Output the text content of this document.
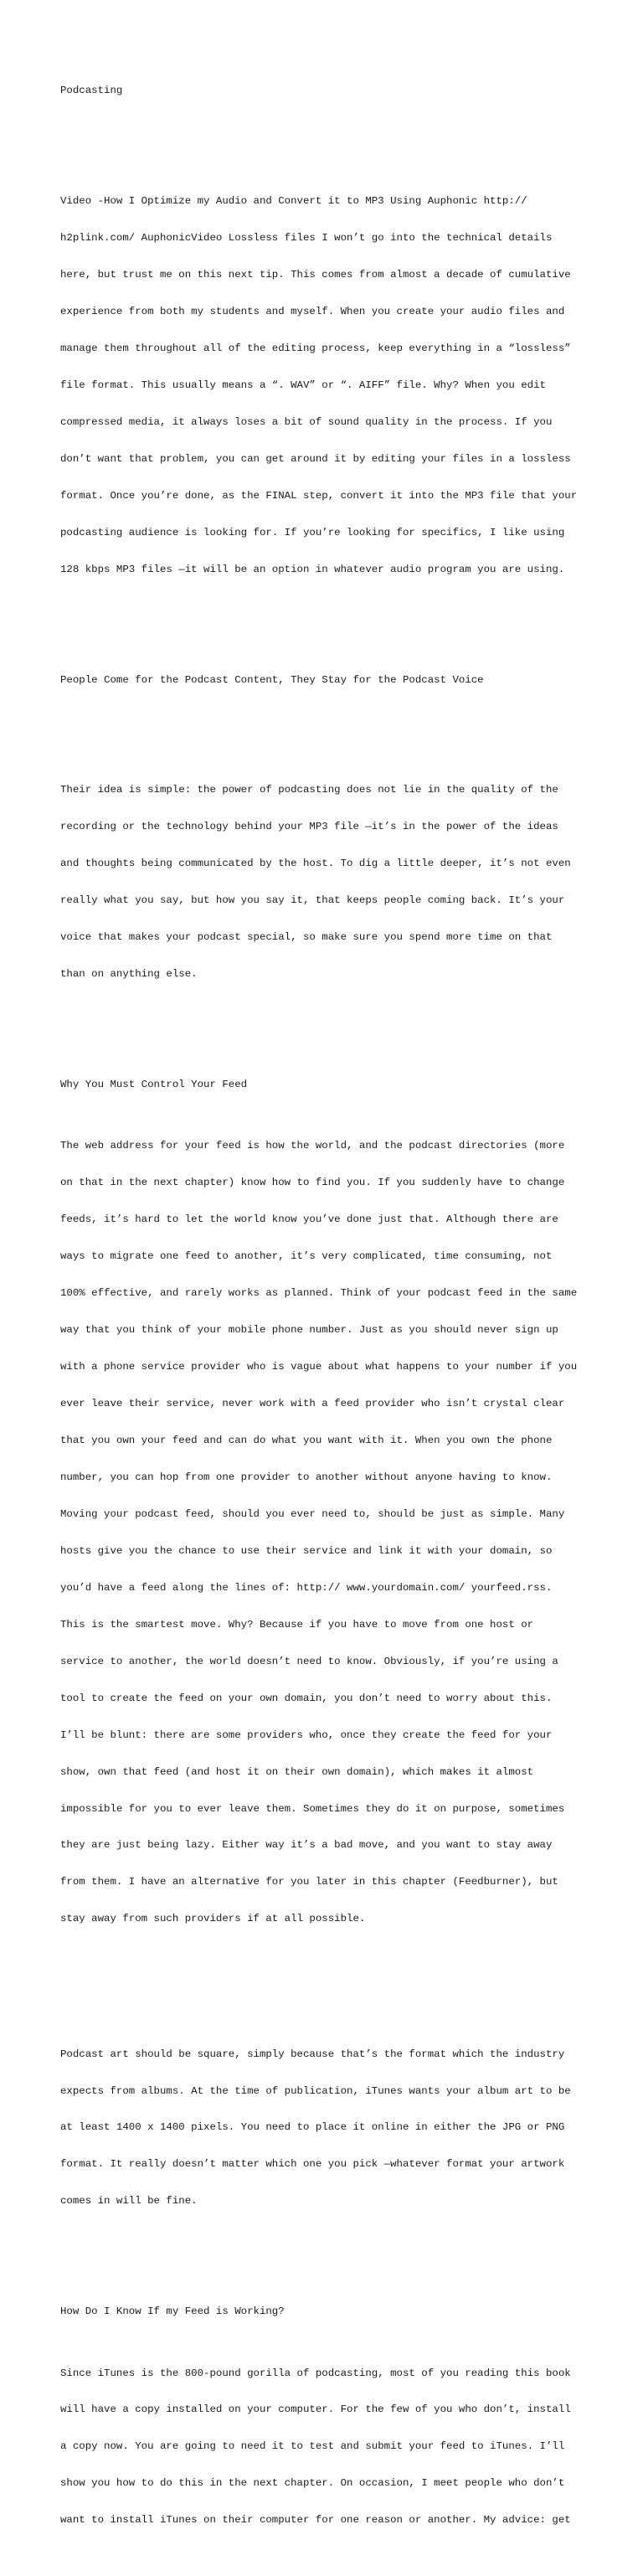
Podcasting

Video -How I Optimize my Audio and Convert it to MP3 Using Auphonic http://

h2plink.com/ AuphonicVideo Lossless files I won’t go into the technical details

here, but trust me on this next tip. This comes from almost a decade of cumulative

experience from both my students and myself. When you create your audio files and

manage them throughout all of the editing process, keep everything in a “lossless”

file format. This usually means a “. WAV” or “. AIFF” file. Why? When you edit

compressed media, it always loses a bit of sound quality in the process. If you

don’t want that problem, you can get around it by editing your files in a lossless

format. Once you’re done, as the FINAL step, convert it into the MP3 file that your

podcasting audience is looking for. If you’re looking for specifics, I like using

128 kbps MP3 files —it will be an option in whatever audio program you are using.

People Come for the Podcast Content, They Stay for the Podcast Voice

Their idea is simple: the power of podcasting does not lie in the quality of the

recording or the technology behind your MP3 file —it’s in the power of the ideas

and thoughts being communicated by the host. To dig a little deeper, it’s not even

really what you say, but how you say it, that keeps people coming back. It’s your

voice that makes your podcast special, so make sure you spend more time on that

than on anything else.

Why You Must Control Your Feed

The web address for your feed is how the world, and the podcast directories (more

on that in the next chapter) know how to find you. If you suddenly have to change

feeds, it’s hard to let the world know you’ve done just that. Although there are

ways to migrate one feed to another, it’s very complicated, time consuming, not

100% effective, and rarely works as planned. Think of your podcast feed in the same

way that you think of your mobile phone number. Just as you should never sign up

with a phone service provider who is vague about what happens to your number if you

ever leave their service, never work with a feed provider who isn’t crystal clear

that you own your feed and can do what you want with it. When you own the phone

number, you can hop from one provider to another without anyone having to know.

Moving your podcast feed, should you ever need to, should be just as simple. Many

hosts give you the chance to use their service and link it with your domain, so

you’d have a feed along the lines of: http:// www.yourdomain.com/ yourfeed.rss.

This is the smartest move. Why? Because if you have to move from one host or

service to another, the world doesn’t need to know. Obviously, if you’re using a

tool to create the feed on your own domain, you don’t need to worry about this.

I’ll be blunt: there are some providers who, once they create the feed for your

show, own that feed (and host it on their own domain), which makes it almost

impossible for you to ever leave them. Sometimes they do it on purpose, sometimes

they are just being lazy. Either way it’s a bad move, and you want to stay away

from them. I have an alternative for you later in this chapter (Feedburner), but

stay away from such providers if at all possible.

Podcast art should be square, simply because that’s the format which the industry

expects from albums. At the time of publication, iTunes wants your album art to be

at least 1400 x 1400 pixels. You need to place it online in either the JPG or PNG

format. It really doesn’t matter which one you pick —whatever format your artwork

comes in will be fine.

How Do I Know If my Feed is Working?

Since iTunes is the 800-pound gorilla of podcasting, most of you reading this book

will have a copy installed on your computer. For the few of you who don’t, install

a copy now. You are going to need it to test and submit your feed to iTunes. I’ll

show you how to do this in the next chapter. On occasion, I meet people who don’t

want to install iTunes on their computer for one reason or another. My advice: get
